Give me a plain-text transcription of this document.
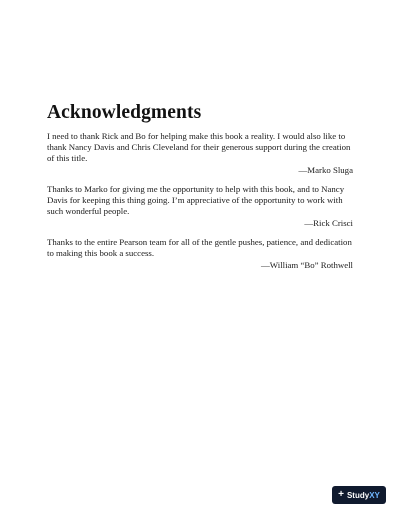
Acknowledgments

I need to thank Rick and Bo for helping make this book a reality. I would also like to thank Nancy Davis and Chris Cleveland for their generous support during the creation of this title.

—Marko Sluga

Thanks to Marko for giving me the opportunity to help with this book, and to Nancy Davis for keeping this thing going. I’m appreciative of the opportunity to work with such wonderful people.

—Rick Crisci

Thanks to the entire Pearson team for all of the gentle pushes, patience, and dedication to making this book a success.

—William “Bo” Rothwell
+ StudyXY
